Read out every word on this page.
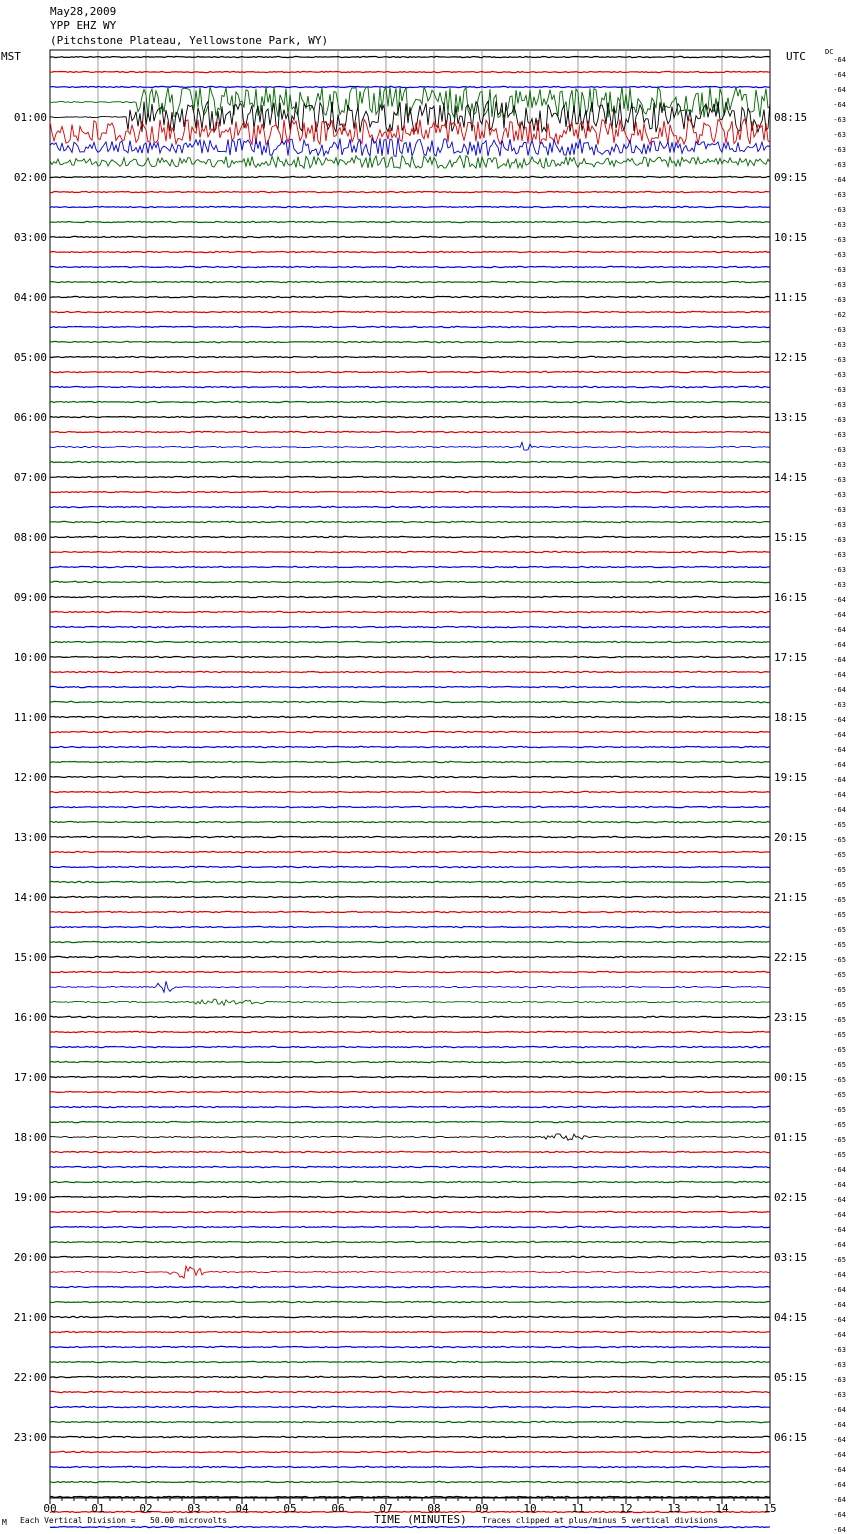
May28,2009
YPP EHZ WY
(Pitchstone Plateau, Yellowstone Park, WY)
MST	UTC	DC
-64
-64
-64
-64
-63
-63
-63
-63
-64
-63
-63
-63
-63
-63
-63
-63
-63
-62
-63
-63
-63
-63
-63
-63
-63
-63
-63
-63
-63
-63
-63
-63
-63
-63
-63
-63
-64
-64
-64
-64
-64
-64
-64
-63
-64
-64
-64
-64
-64
-64
-64
-65
-65
-65
-65
-65
-65
-65
-65
-65
-65
-65
-65
-65
-65
-65
-65
-65
-65
-65
-65
-65
-65
-65
-64
-64
-64
-64
-64
-64
-65
-64
-64
-64
-64
-64
-63
-63
-63
-63
-64
-64
-64
-64
-64
-64
-64
-64
-64
01:00
02:00
03:00
04:00
05:00
06:00
07:00
08:00
09:00
10:00
11:00
12:00
13:00
14:00
15:00
16:00
17:00
18:00
19:00
20:00
21:00
22:00
23:00
08:15
09:15
10:15
11:15
12:15
13:15
14:15
15:15
16:15
17:15
18:15
19:15
20:15
21:15
22:15
23:15
00:15
01:15
02:15
03:15
04:15
05:15
06:15
00	01	02	03	04	05	06	07	08	09	10	11	12	13	14	15
M Each Vertical Division =   50.00 microvolts	Traces clipped at plus/minus 5 vertical divisions
TIME (MINUTES)
